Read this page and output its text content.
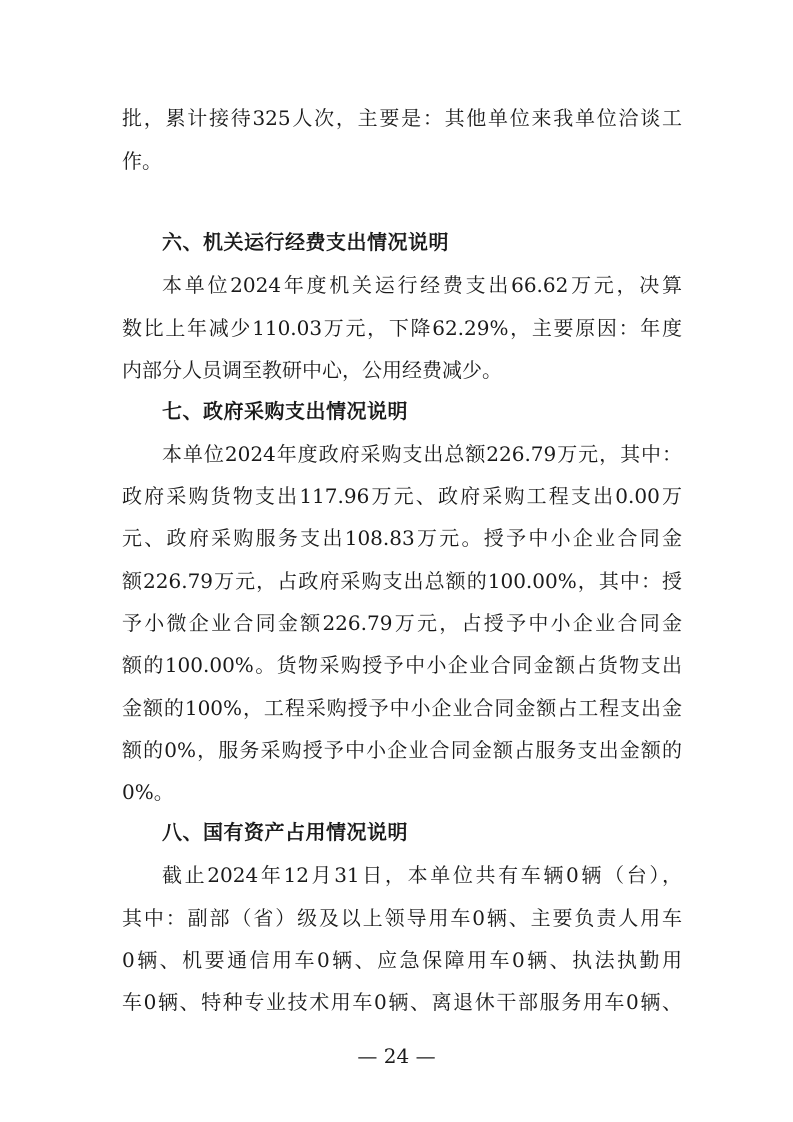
批，累计接待325人次，主要是：其他单位来我单位洽谈工
作。
六、机关运行经费支出情况说明
本单位2024年度机关运行经费支出66.62万元，决算
数比上年减少110.03万元，下降62.29%，主要原因：年度
内部分人员调至教研中心，公用经费减少。
七、政府采购支出情况说明
本单位2024年度政府采购支出总额226.79万元，其中：
政府采购货物支出117.96万元、政府采购工程支出0.00万
元、政府采购服务支出108.83万元。授予中小企业合同金
额226.79万元，占政府采购支出总额的100.00%，其中：授
予小微企业合同金额226.79万元，占授予中小企业合同金
额的100.00%。货物采购授予中小企业合同金额占货物支出
金额的100%，工程采购授予中小企业合同金额占工程支出金
额的0%，服务采购授予中小企业合同金额占服务支出金额的
0%。
八、国有资产占用情况说明
截止2024年12月31日，本单位共有车辆0辆（台），
其中：副部（省）级及以上领导用车0辆、主要负责人用车
0辆、机要通信用车0辆、应急保障用车0辆、执法执勤用
车0辆、特种专业技术用车0辆、离退休干部服务用车0辆、
— 24 —
